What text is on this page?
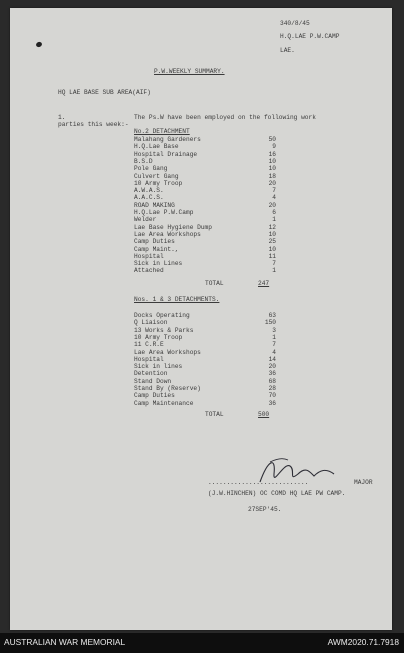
340/8/45
H.Q.LAE P.W.CAMP
LAE.
P.W.WEEKLY SUMMARY.
HQ LAE BASE SUB AREA(AIF)
1.	The Ps.W have been employed on the following work
parties this week:-
No.2 DETACHMENT
Malahang Gardeners	50
H.Q.Lae Base	9
Hospital Drainage	16
B.S.D	10
Pole Gang	10
Culvert Gang	18
10 Army Troop	20
A.W.A.S.	7
A.A.C.S.	4
ROAD MAKING	20
H.Q.Lae P.W.Camp	6
Welder	1
Lae Base Hygiene Dump	12
Lae Area Workshops	10
Camp Duties	25
Camp Maint.,	10
Hospital	11
Sick in Lines	7
Attached	1
TOTAL	247
Nos. 1 & 3 DETACHMENTS.
Docks Operating	63
Q Liaison	150
13 Works & Parks	3
10 Army Troop	1
11 C.R.E	7
Lae Area Workshops	4
Hospital	14
Sick in lines	20
Detention	36
Stand Down	68
Stand By (Reserve)	28
Camp Duties	70
Camp Maintenance	36
TOTAL	500
...........................	MAJOR
(J.W.HINCHEN) OC COMD HQ LAE PW CAMP.
27SEP'45.
AUSTRALIAN WAR MEMORIAL	AWM2020.71.7918
